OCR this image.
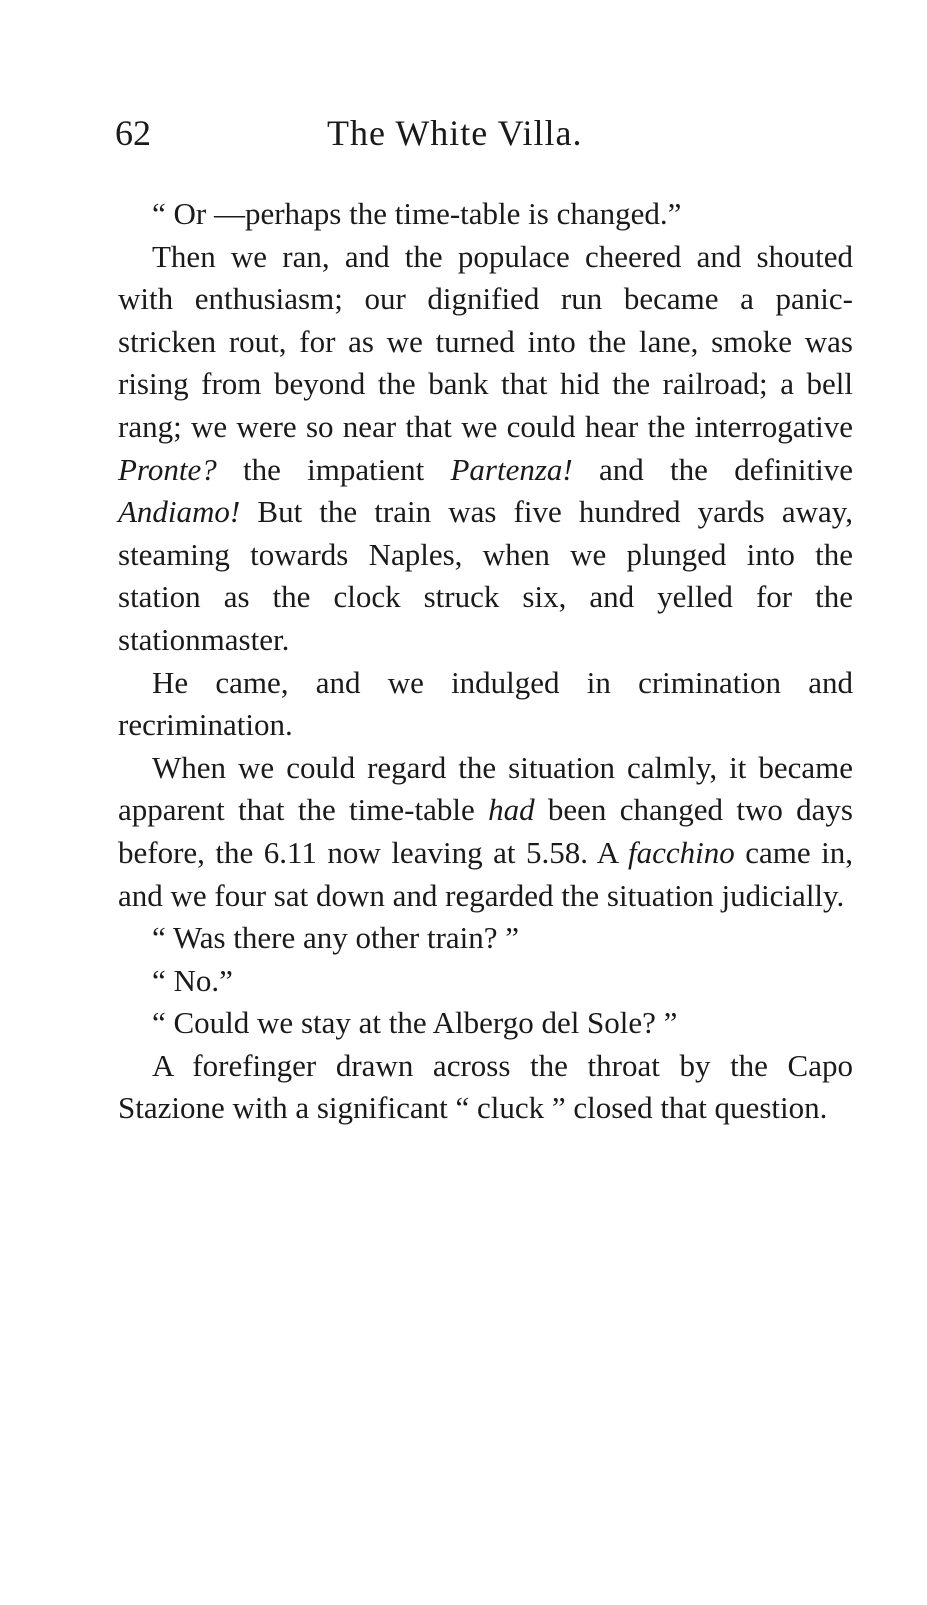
62	The White Villa.

“ Or —perhaps the time-table is changed.”

Then we ran, and the populace cheered and shouted with enthusiasm; our dignified run became a panic-stricken rout, for as we turned into the lane, smoke was rising from beyond the bank that hid the railroad; a bell rang; we were so near that we could hear the interrogative Pronte? the impatient Partenza! and the definitive Andiamo! But the train was five hundred yards away, steaming towards Naples, when we plunged into the station as the clock struck six, and yelled for the stationmaster.

He came, and we indulged in crimination and recrimination.

When we could regard the situation calmly, it became apparent that the time-table had been changed two days before, the 6.11 now leaving at 5.58. A facchino came in, and we four sat down and regarded the situation judicially.

“ Was there any other train? ”

“ No.”

“ Could we stay at the Albergo del Sole? ”

A forefinger drawn across the throat by the Capo Stazione with a significant “ cluck ” closed that question.
